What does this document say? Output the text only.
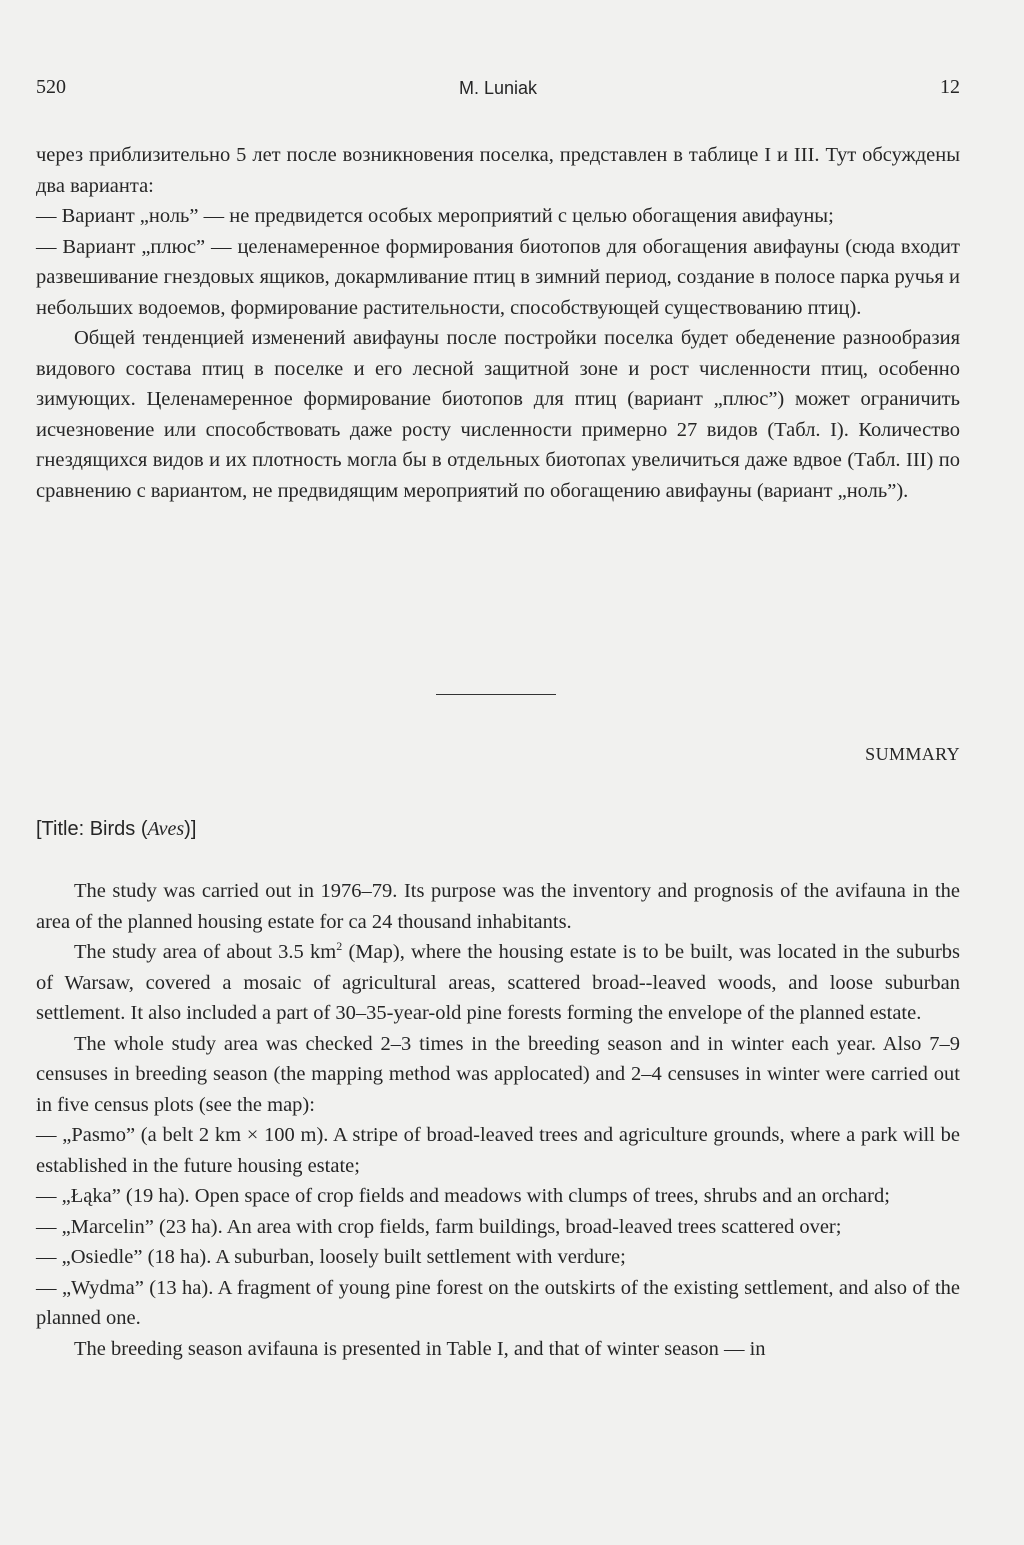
520	M. Luniak	12

через приблизительно 5 лет после возникновения поселка, представлен в таблице I и III. Тут обсуждены два варианта:

— Вариант „ноль” — не предвидется особых мероприятий с целью обогащения авифауны;

— Вариант „плюс” — целенамеренное формирования биотопов для обогащения авифауны (сюда входит развешивание гнездовых ящиков, докармливание птиц в зимний период, создание в полосе парка ручья и небольших водоемов, формирование растительности, способствующей существованию птиц).

Общей тенденцией изменений авифауны после постройки поселка будет обеденение разнообразия видового состава птиц в поселке и его лесной защитной зоне и рост численности птиц, особенно зимующих. Целенамеренное формирование биотопов для птиц (вариант „плюс”) может ограничить исчезновение или способствовать даже росту численности примерно 27 видов (Табл. I). Количество гнездящихся видов и их плотность могла бы в отдельных биотопах увеличиться даже вдвое (Табл. III) по сравнению с вариантом, не предвидящим мероприятий по обогащению авифауны (вариант „ноль”).

SUMMARY
[Title: Birds (Aves)]

The study was carried out in 1976–79. Its purpose was the inventory and prognosis of the avifauna in the area of the planned housing estate for ca 24 thousand inhabitants.

The study area of about 3.5 $km^2$ (Map), where the housing estate is to be built, was located in the suburbs of Warsaw, covered a mosaic of agricultural areas, scattered broad--leaved woods, and loose suburban settlement. It also included a part of 30–35-year-old pine forests forming the envelope of the planned estate.

The whole study area was checked 2–3 times in the breeding season and in winter each year. Also 7–9 censuses in breeding season (the mapping method was applocated) and 2–4 censuses in winter were carried out in five census plots (see the map):

— „Pasmo” (a belt 2 km × 100 m). A stripe of broad-leaved trees and agriculture grounds, where a park will be established in the future housing estate;

— „Łąka” (19 ha). Open space of crop fields and meadows with clumps of trees, shrubs and an orchard;

— „Marcelin” (23 ha). An area with crop fields, farm buildings, broad-leaved trees scattered over;

— „Osiedle” (18 ha). A suburban, loosely built settlement with verdure;

— „Wydma” (13 ha). A fragment of young pine forest on the outskirts of the existing settlement, and also of the planned one.

The breeding season avifauna is presented in Table I, and that of winter season — in
